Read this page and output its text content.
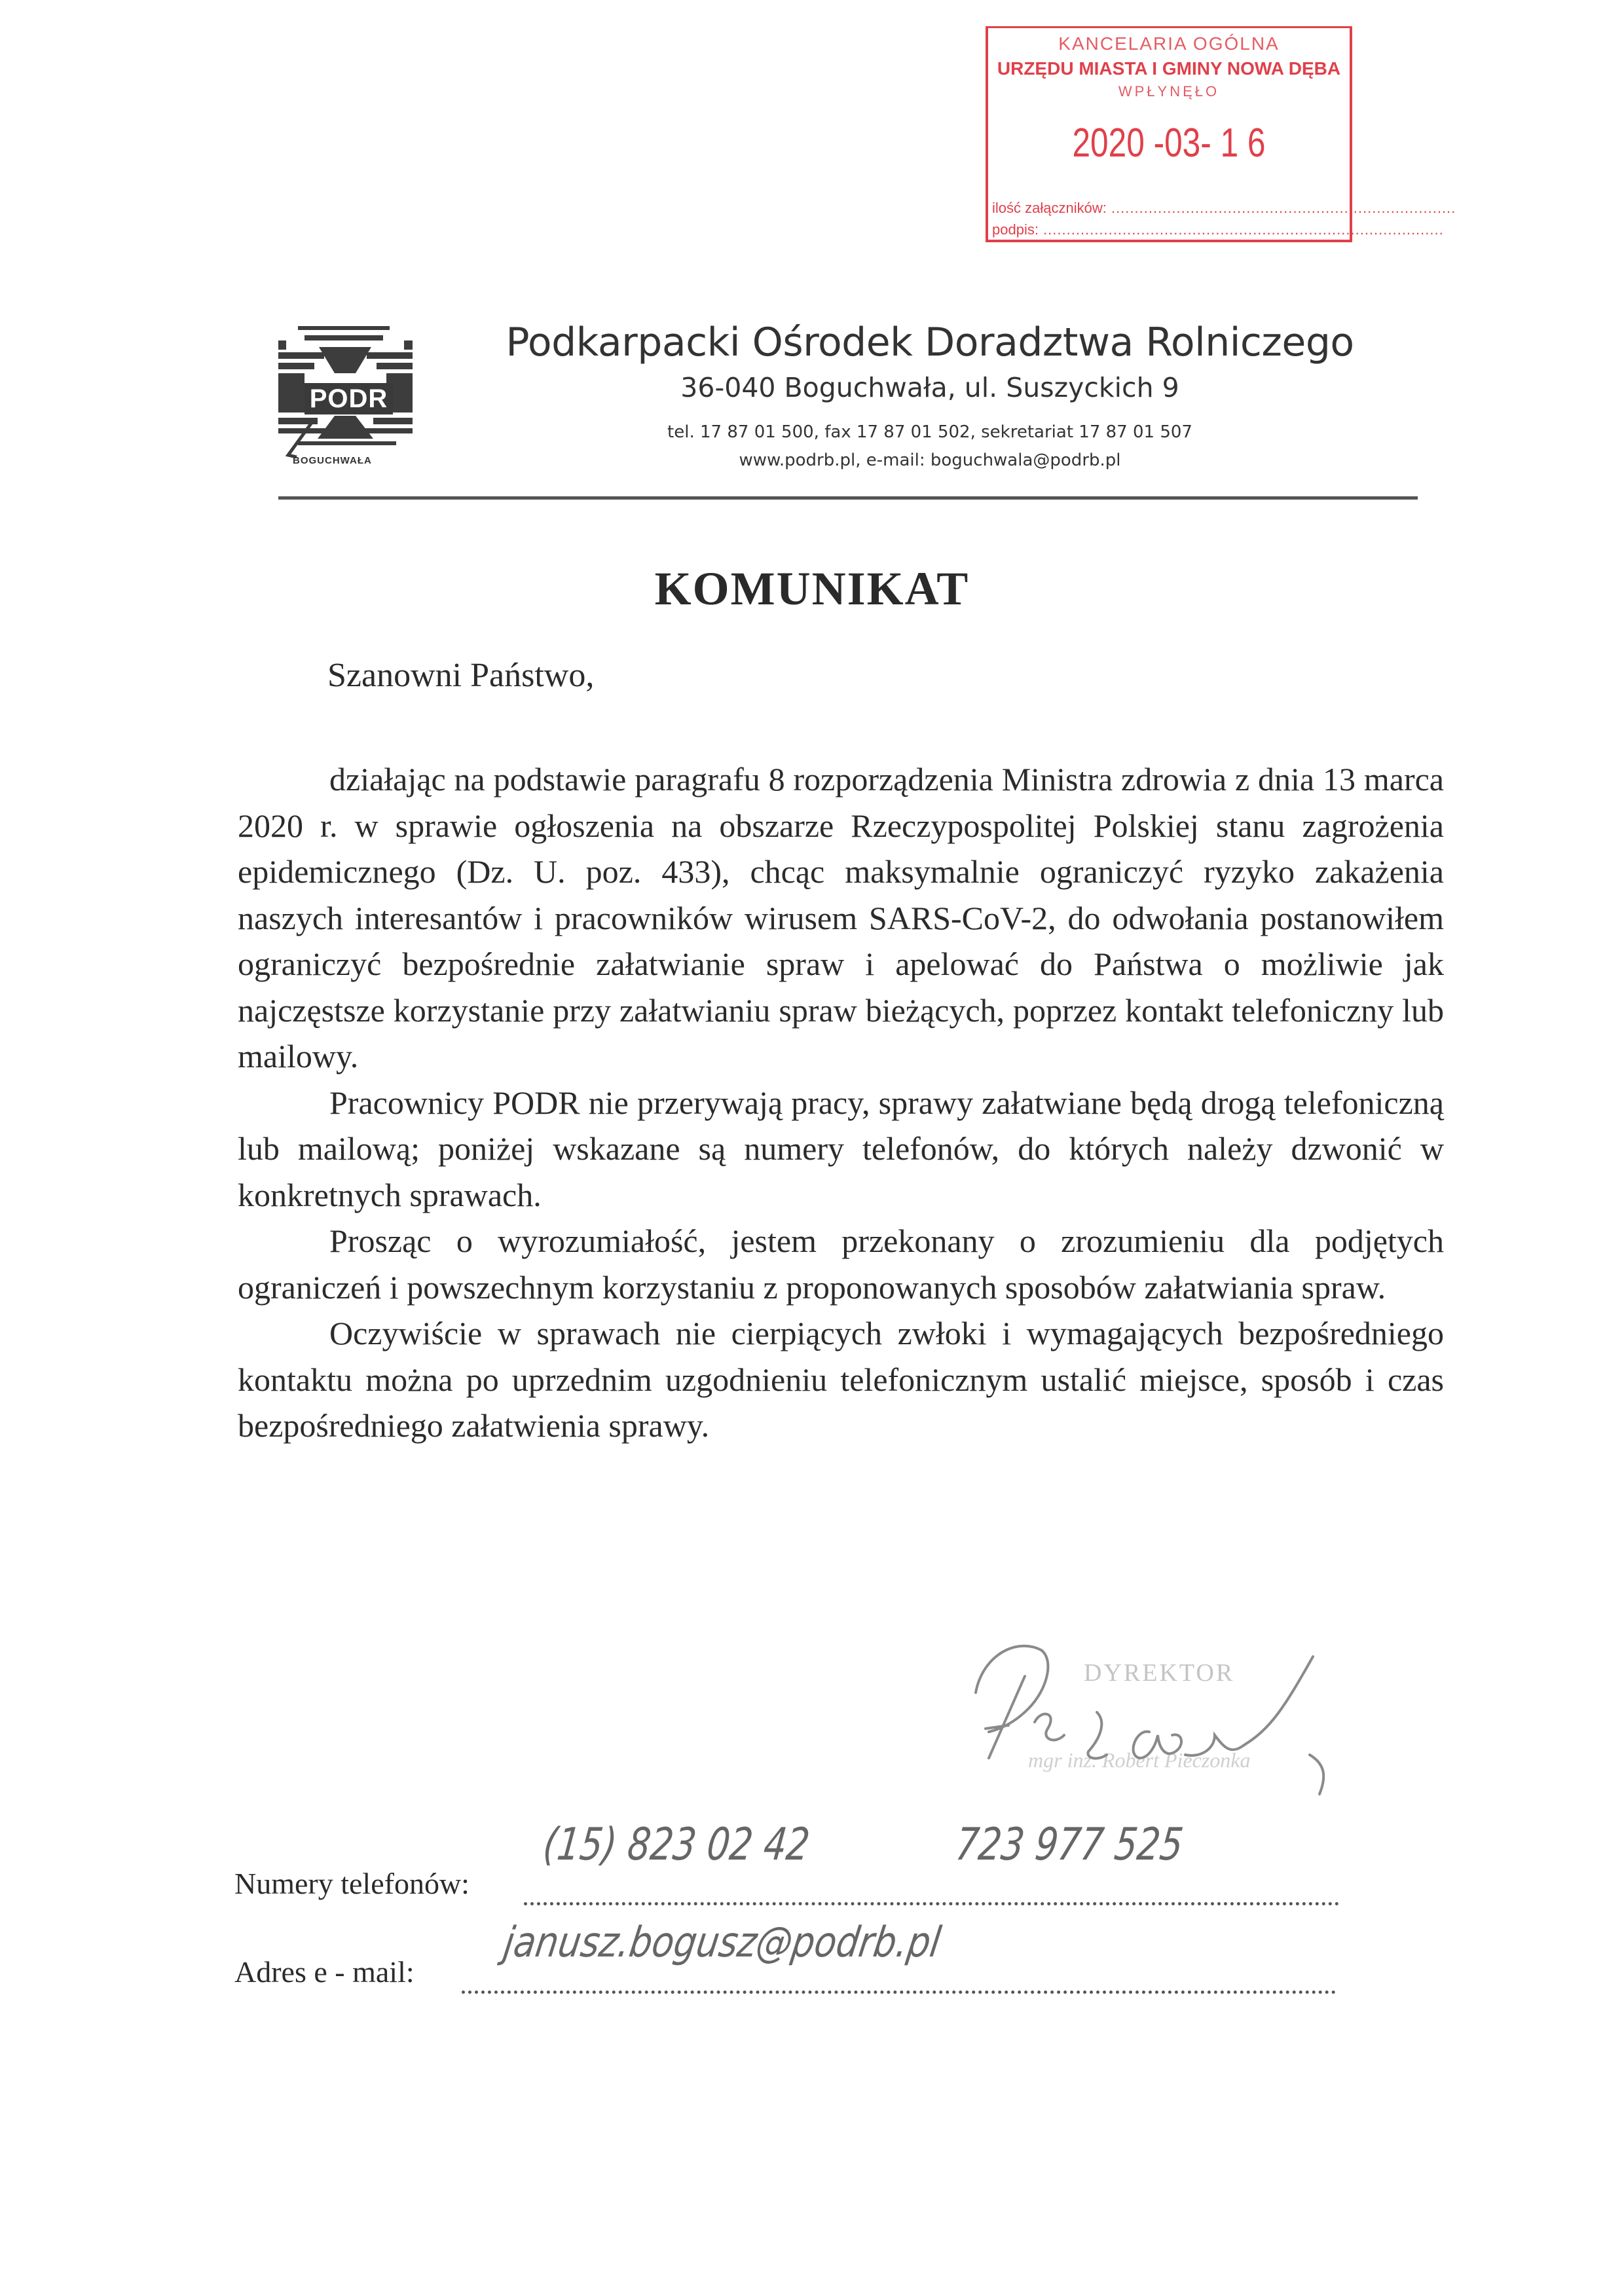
KANCELARIA OGÓLNA
URZĘDU MIASTA I GMINY NOWA DĘBA
WPŁYNĘŁO
2020 -03- 1 6
ilość załączników: ..........................................................................
podpis: ......................................................................................
PODR
BOGUCHWAŁA
Podkarpacki Ośrodek Doradztwa Rolniczego
36-040 Boguchwała, ul. Suszyckich 9
tel. 17 87 01 500, fax 17 87 01 502, sekretariat 17 87 01 507
www.podrb.pl, e-mail: boguchwala@podrb.pl
KOMUNIKAT
Szanowni Państwo,

działając na podstawie paragrafu 8 rozporządzenia Ministra zdrowia z dnia 13 marca 2020 r. w sprawie ogłoszenia na obszarze Rzeczypospolitej Polskiej stanu zagrożenia epidemicznego (Dz. U. poz. 433), chcąc maksymalnie ograniczyć ryzyko zakażenia naszych interesantów i pracowników wirusem SARS-CoV-2, do odwołania postanowiłem ograniczyć bezpośrednie załatwianie spraw i apelować do Państwa o możliwie jak najczęstsze korzystanie przy załatwianiu spraw bieżących, poprzez kontakt telefoniczny lub mailowy.

Pracownicy PODR nie przerywają pracy, sprawy załatwiane będą drogą telefoniczną lub mailową; poniżej wskazane są numery telefonów, do których należy dzwonić w konkretnych sprawach.

Prosząc o wyrozumiałość, jestem przekonany o zrozumieniu dla podjętych ograniczeń i powszechnym korzystaniu z proponowanych sposobów załatwiania spraw.

Oczywiście w sprawach nie cierpiących zwłoki i wymagających bezpośredniego kontaktu można po uprzednim uzgodnieniu telefonicznym ustalić miejsce, sposób i czas bezpośredniego załatwienia sprawy.

DYREKTOR
mgr inż. Robert Pieczonka
Numery telefonów:
(15) 823 02 42	723 977 525
Adres e - mail:
janusz.bogusz@podrb.pl
